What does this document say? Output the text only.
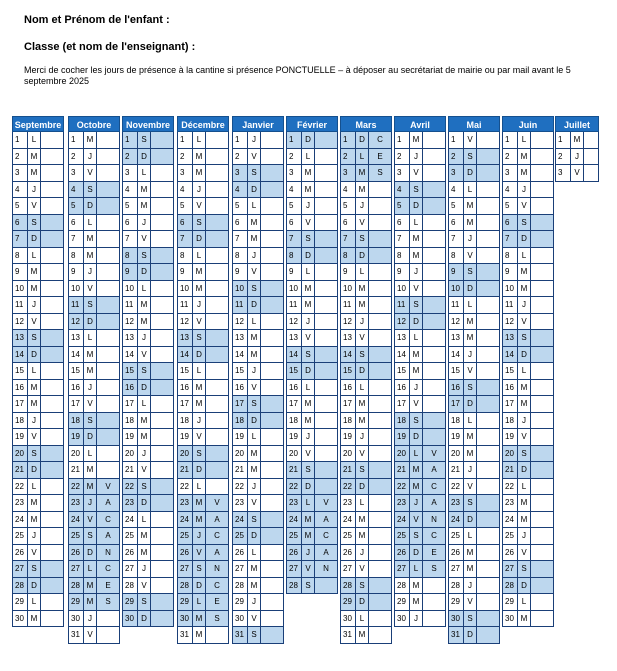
Nom et Prénom de l'enfant :
Classe (et nom de l'enseignant) :
Merci de cocher les jours de présence à la cantine si présence PONCTUELLE – à déposer au secrétariat de mairie ou par mail avant le 5 septembre 2025
Septembre
1	L
2	M
3	M
4	J
5	V
6	S
7	D
8	L
9	M
10 M
11	J
12 V
13 S
14 D
15 L
16 M
17 M
18	J
19 V
20 S
21 D
22 L
23 M
24 M
25	J
26 V
27 S
28 D
29 L
30 M
Octobre
1	M
2	J
3	V
4	S
5	D
6	L
7	M
8	M
9	J
10 V
11	S
12 D
13 L
14 M
15 M
16	J
17 V
18 S
19 D
20 L
21 M
22 M	V
23	J	A
24 V	C
25 S	A
26 D	N
27 L	C
28 M	E
29 M	S
30	J
31 V
Novembre
1	S
2	D
3	L
4	M
5	M
6	J
7	V
8	S
9	D
10 L
11 M
12 M
13	J
14 V
15 S
16 D
17 L
18 M
19 M
20	J
21 V
22 S
23 D
24 L
25 M
26 M
27	J
28 V
29 S
30 D
Décembre
1	L
2	M
3	M
4	J
5	V
6	S
7	D
8	L
9	M
10 M
11	J
12 V
13 S
14 D
15 L
16 M
17 M
18	J
19 V
20 S
21 D
22 L
23 M	V
24 M	A
25	J	C
26 V	A
27 S	N
28 D	C
29 L	E
30 M	S
31 M
Janvier
1	J
2	V
3	S
4	D
5	L
6	M
7	M
8	J
9	V
10 S
11 D
12 L
13 M
14 M
15	J
16 V
17 S
18 D
19 L
20 M
21 M
22	J
23 V
24 S
25 D
26 L
27 M
28 M
29	J
30 V
31 S
Février
1	D
2	L
3	M
4	M
5	J
6	V
7	S
8	D
9	L
10 M
11 M
12	J
13 V
14 S
15 D
16 L
17 M
18 M
19	J
20 V
21 S
22 D
23 L	V
24 M	A
25 M	C
26	J	A
27 V	N
28 S
Mars
1	D	C
2	L	E
3	M	S
4	M
5	J
6	V
7	S
8	D
9	L
10 M
11 M
12	J
13 V
14 S
15 D
16 L
17 M
18 M
19	J
20 V
21 S
22 D
23 L
24 M
25 M
26	J
27 V
28 S
29 D
30 L
31 M
Avril
1	M
2	J
3	V
4	S
5	D
6	L
7	M
8	M
9	J
10 V
11	S
12 D
13 L
14 M
15 M
16	J
17 V
18 S
19 D
20 L	V
21 M	A
22 M	C
23	J	A
24 V	N
25 S	C
26 D	E
27 L	S
28 M
29 M
30	J
Mai
1	V
2	S
3	D
4	L
5	M
6	M
7	J
8	V
9	S
10 D
11	L
12 M
13 M
14	J
15 V
16 S
17 D
18 L
19 M
20 M
21	J
22 V
23 S
24 D
25 L
26 M
27 M
28	J
29 V
30 S
31 D
Juin
1	L
2	M
3	M
4	J
5	V
6	S
7	D
8	L
9	M
10 M
11	J
12 V
13 S
14 D
15 L
16 M
17 M
18	J
19 V
20 S
21 D
22 L
23 M
24 M
25	J
26 V
27 S
28 D
29 L
30 M
Juillet
1	M
2	J
3	V
